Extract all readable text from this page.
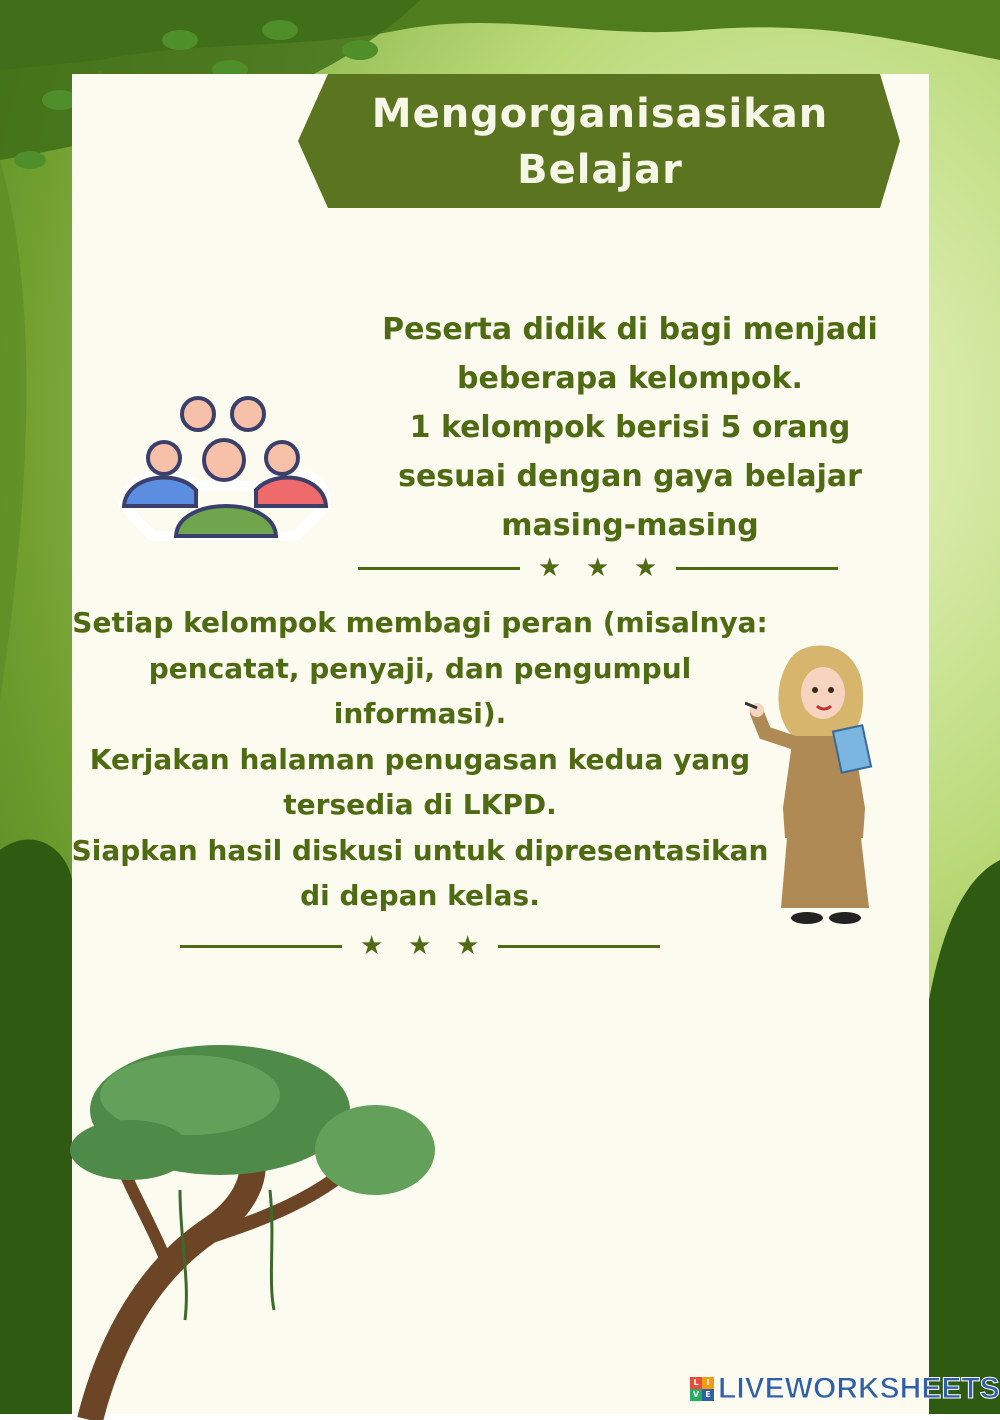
Mengorganisasikan
Belajar
Peserta didik di bagi menjadi
beberapa kelompok.
1 kelompok berisi 5 orang
sesuai dengan gaya belajar
masing-masing
★ ★ ★
Setiap kelompok membagi peran (misalnya:
pencatat, penyaji, dan pengumpul
informasi).
Kerjakan halaman penugasan kedua yang
tersedia di LKPD.
Siapkan hasil diskusi untuk dipresentasikan
di depan kelas.
★ ★ ★
L I
V E LIVEWORKSHEETS
